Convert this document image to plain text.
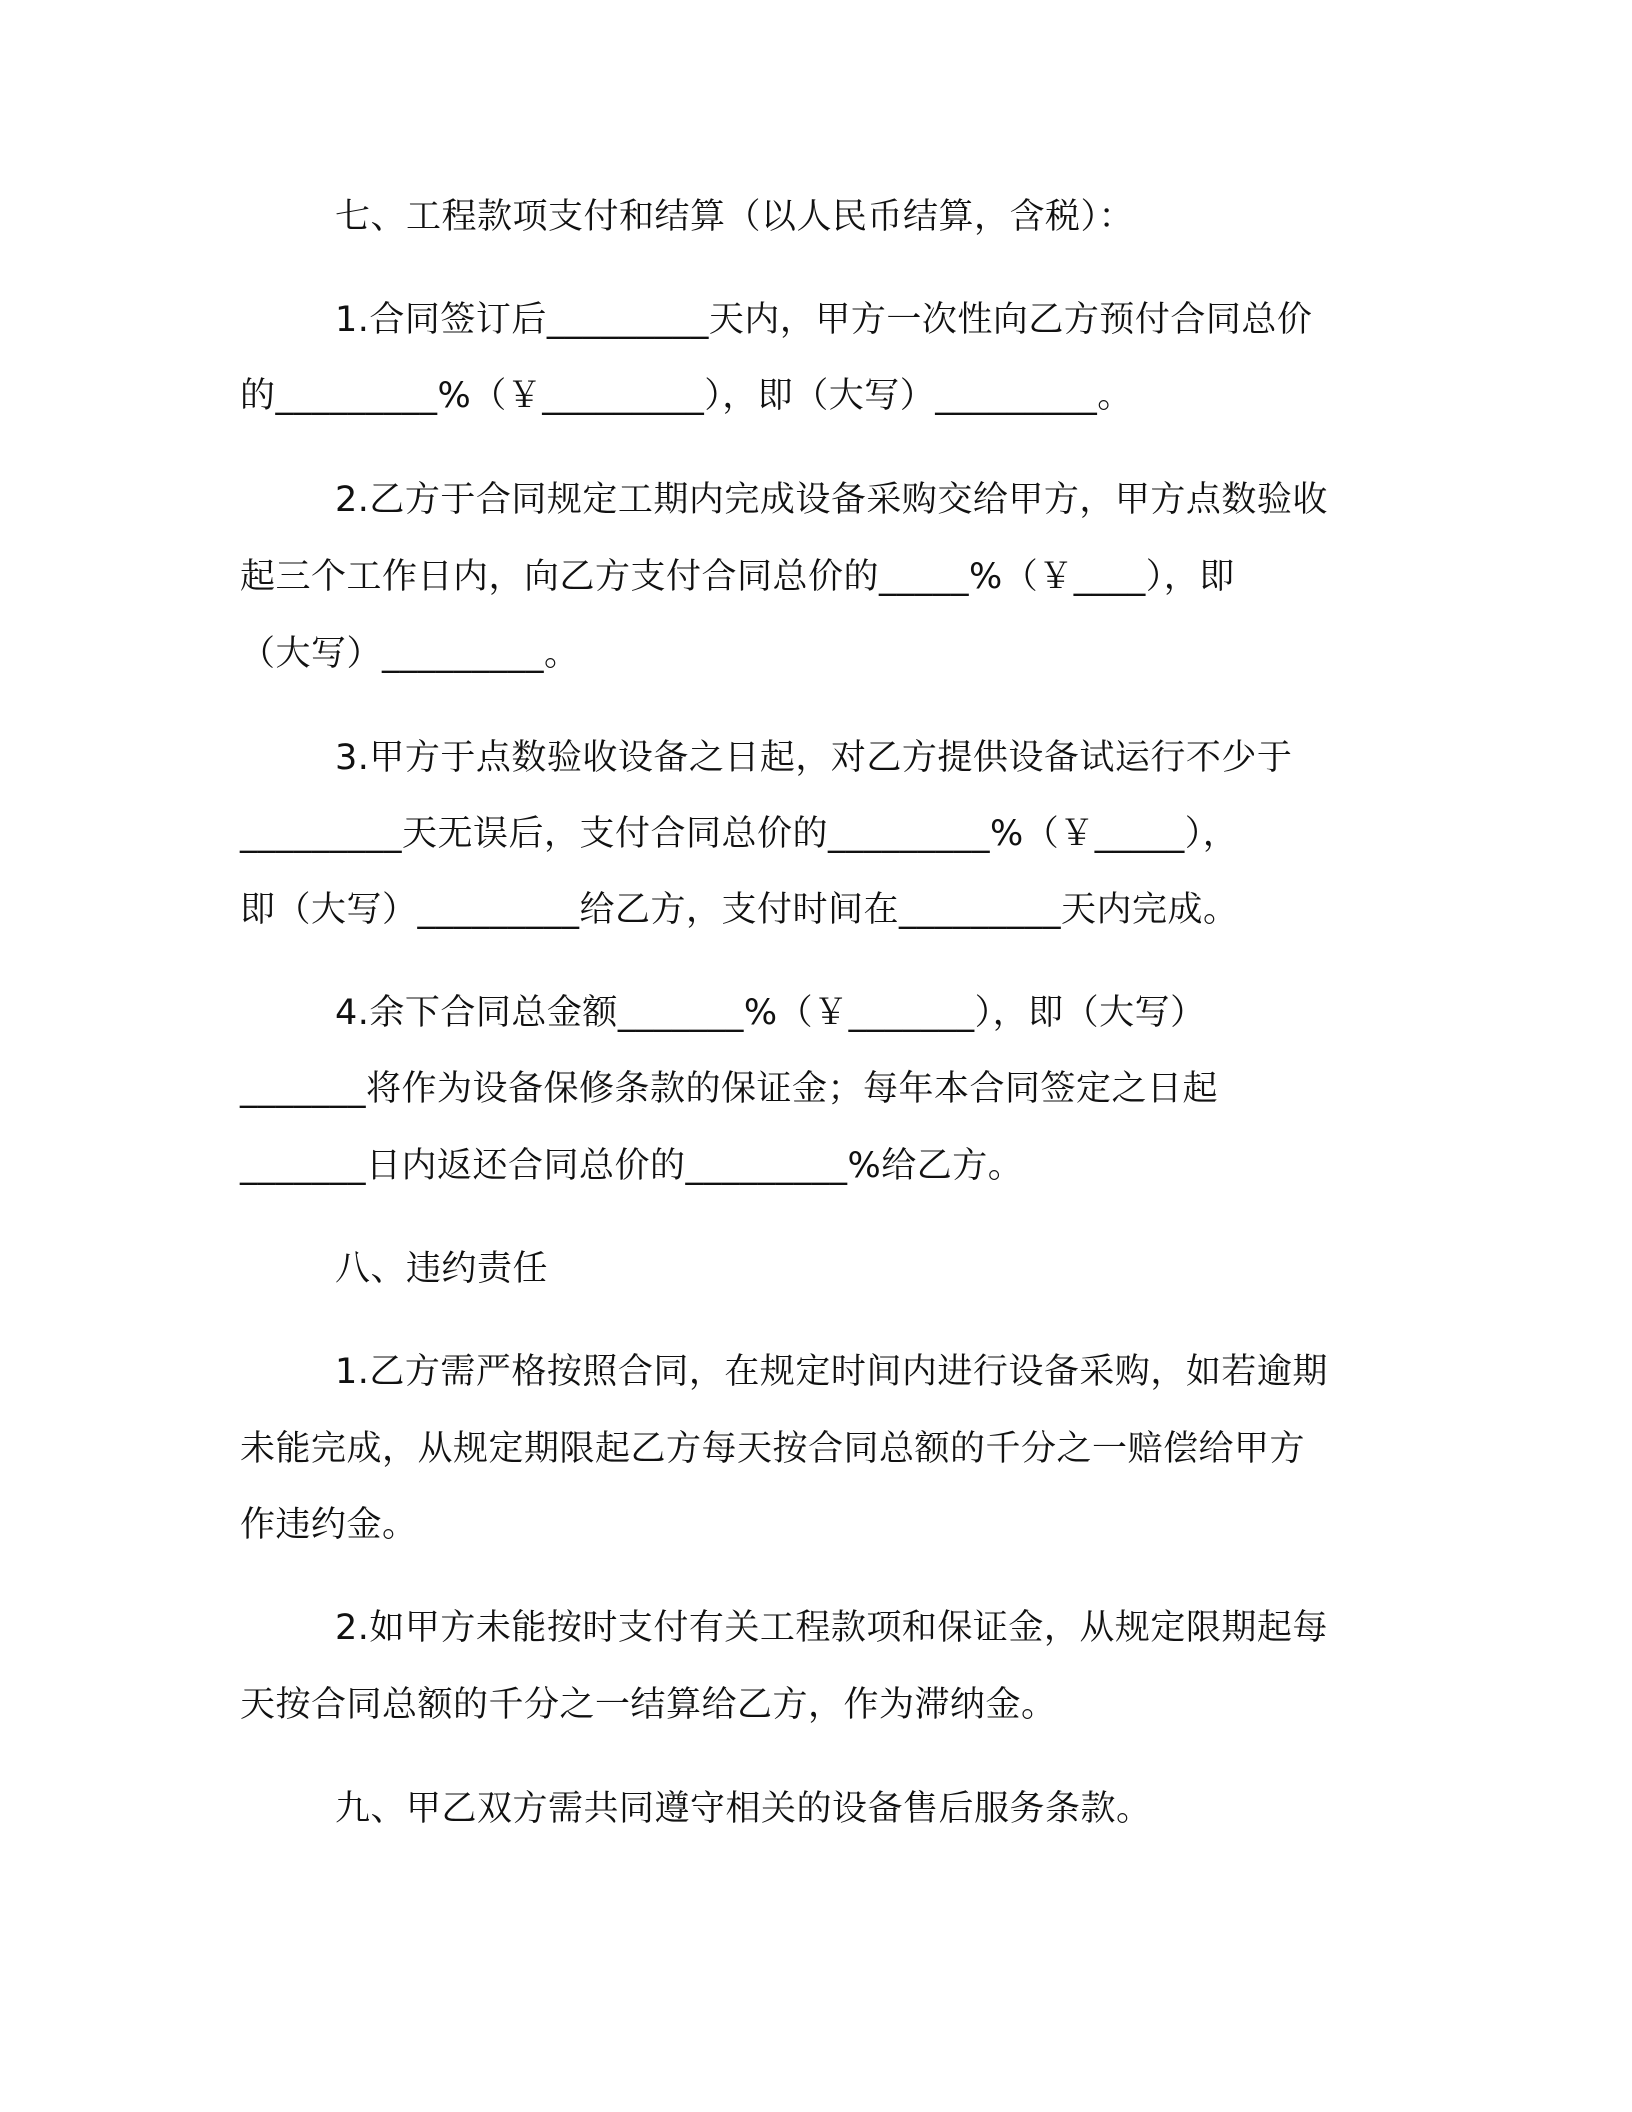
七、工程款项支付和结算（以人民币结算，含税）：
1.合同签订后_________天内，甲方一次性向乙方预付合同总价
的_________%（￥_________），即（大写）_________。
2.乙方于合同规定工期内完成设备采购交给甲方，甲方点数验收
起三个工作日内，向乙方支付合同总价的_____%（￥____），即
（大写）_________。
3.甲方于点数验收设备之日起，对乙方提供设备试运行不少于
_________天无误后，支付合同总价的_________%（￥_____），
即（大写）_________给乙方，支付时间在_________天内完成。
4.余下合同总金额_______%（￥_______），即（大写）
_______将作为设备保修条款的保证金；每年本合同签定之日起
_______日内返还合同总价的_________%给乙方。
八、违约责任
1.乙方需严格按照合同，在规定时间内进行设备采购，如若逾期
未能完成，从规定期限起乙方每天按合同总额的千分之一赔偿给甲方
作违约金。
2.如甲方未能按时支付有关工程款项和保证金，从规定限期起每
天按合同总额的千分之一结算给乙方，作为滞纳金。
九、甲乙双方需共同遵守相关的设备售后服务条款。
